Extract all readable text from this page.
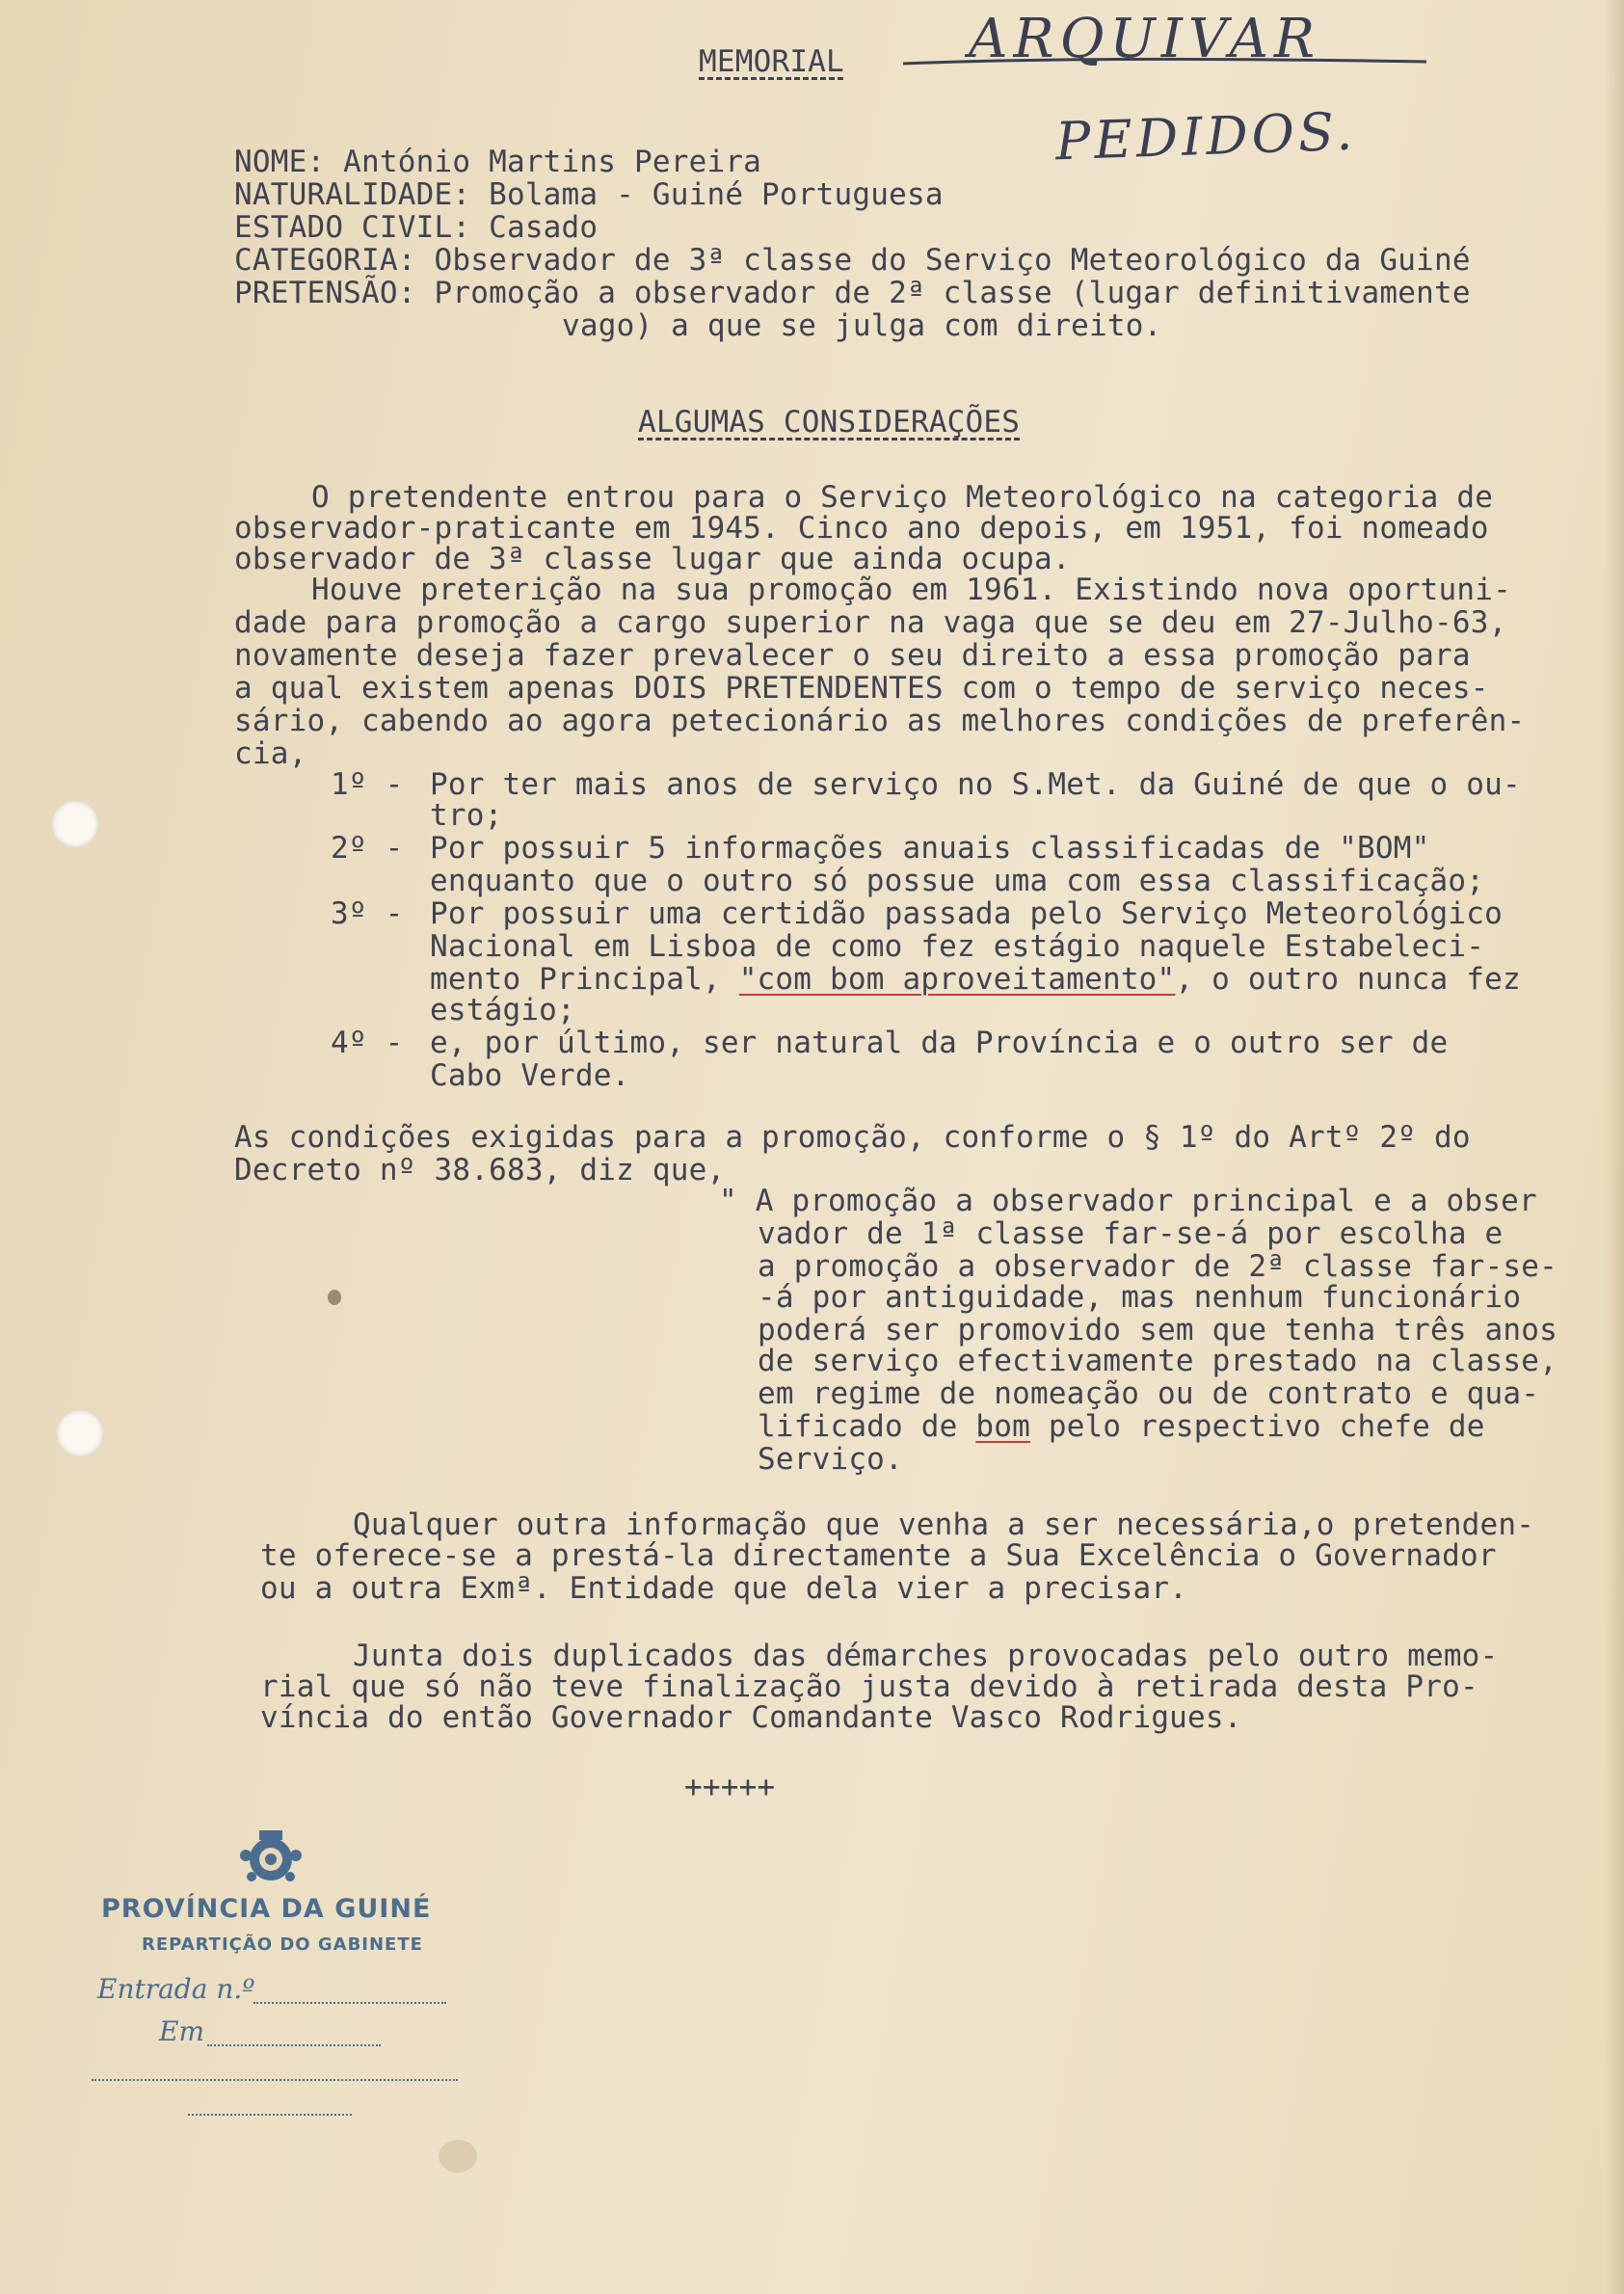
ARQUIVAR
PEDIDOS.
MEMORIAL
NOME: António Martins Pereira
NATURALIDADE: Bolama - Guiné Portuguesa
ESTADO CIVIL: Casado
CATEGORIA: Observador de 3ª classe do Serviço Meteorológico da Guiné
PRETENSÃO: Promoção a observador de 2ª classe (lugar definitivamente
vago) a que se julga com direito.
ALGUMAS CONSIDERAÇÕES
O pretendente entrou para o Serviço Meteorológico na categoria de
observador-praticante em 1945. Cinco ano depois, em 1951, foi nomeado
observador de 3ª classe lugar que ainda ocupa.
Houve preterição na sua promoção em 1961. Existindo nova oportuni-
dade para promoção a cargo superior na vaga que se deu em 27-Julho-63,
novamente deseja fazer prevalecer o seu direito a essa promoção para
a qual existem apenas DOIS PRETENDENTES com o tempo de serviço neces-
sário, cabendo ao agora petecionário as melhores condições de preferên-
cia,
1º - Por ter mais anos de serviço no S.Met. da Guiné de que o ou-
tro;
2º - Por possuir 5 informações anuais classificadas de "BOM"
enquanto que o outro só possue uma com essa classificação;
3º - Por possuir uma certidão passada pelo Serviço Meteorológico
Nacional em Lisboa de como fez estágio naquele Estabeleci-
mento Principal, "com bom aproveitamento", o outro nunca fez
estágio;
4º - e, por último, ser natural da Província e o outro ser de
Cabo Verde.
As condições exigidas para a promoção, conforme o § 1º do Artº 2º do
Decreto nº 38.683, diz que,
" A promoção a observador principal e a obser
vador de 1ª classe far-se-á por escolha e
a promoção a observador de 2ª classe far-se-
-á por antiguidade, mas nenhum funcionário
poderá ser promovido sem que tenha três anos
de serviço efectivamente prestado na classe,
em regime de nomeação ou de contrato e qua-
lificado de bom pelo respectivo chefe de
Serviço.
Qualquer outra informação que venha a ser necessária,o pretenden-
te oferece-se a prestá-la directamente a Sua Excelência o Governador
ou a outra Exmª. Entidade que dela vier a precisar.
Junta dois duplicados das démarches provocadas pelo outro memo-
rial que só não teve finalização justa devido à retirada desta Pro-
víncia do então Governador Comandante Vasco Rodrigues.
+++++
PROVÍNCIA DA GUINÉ
REPARTIÇÃO DO GABINETE
Entrada n.º
Em
